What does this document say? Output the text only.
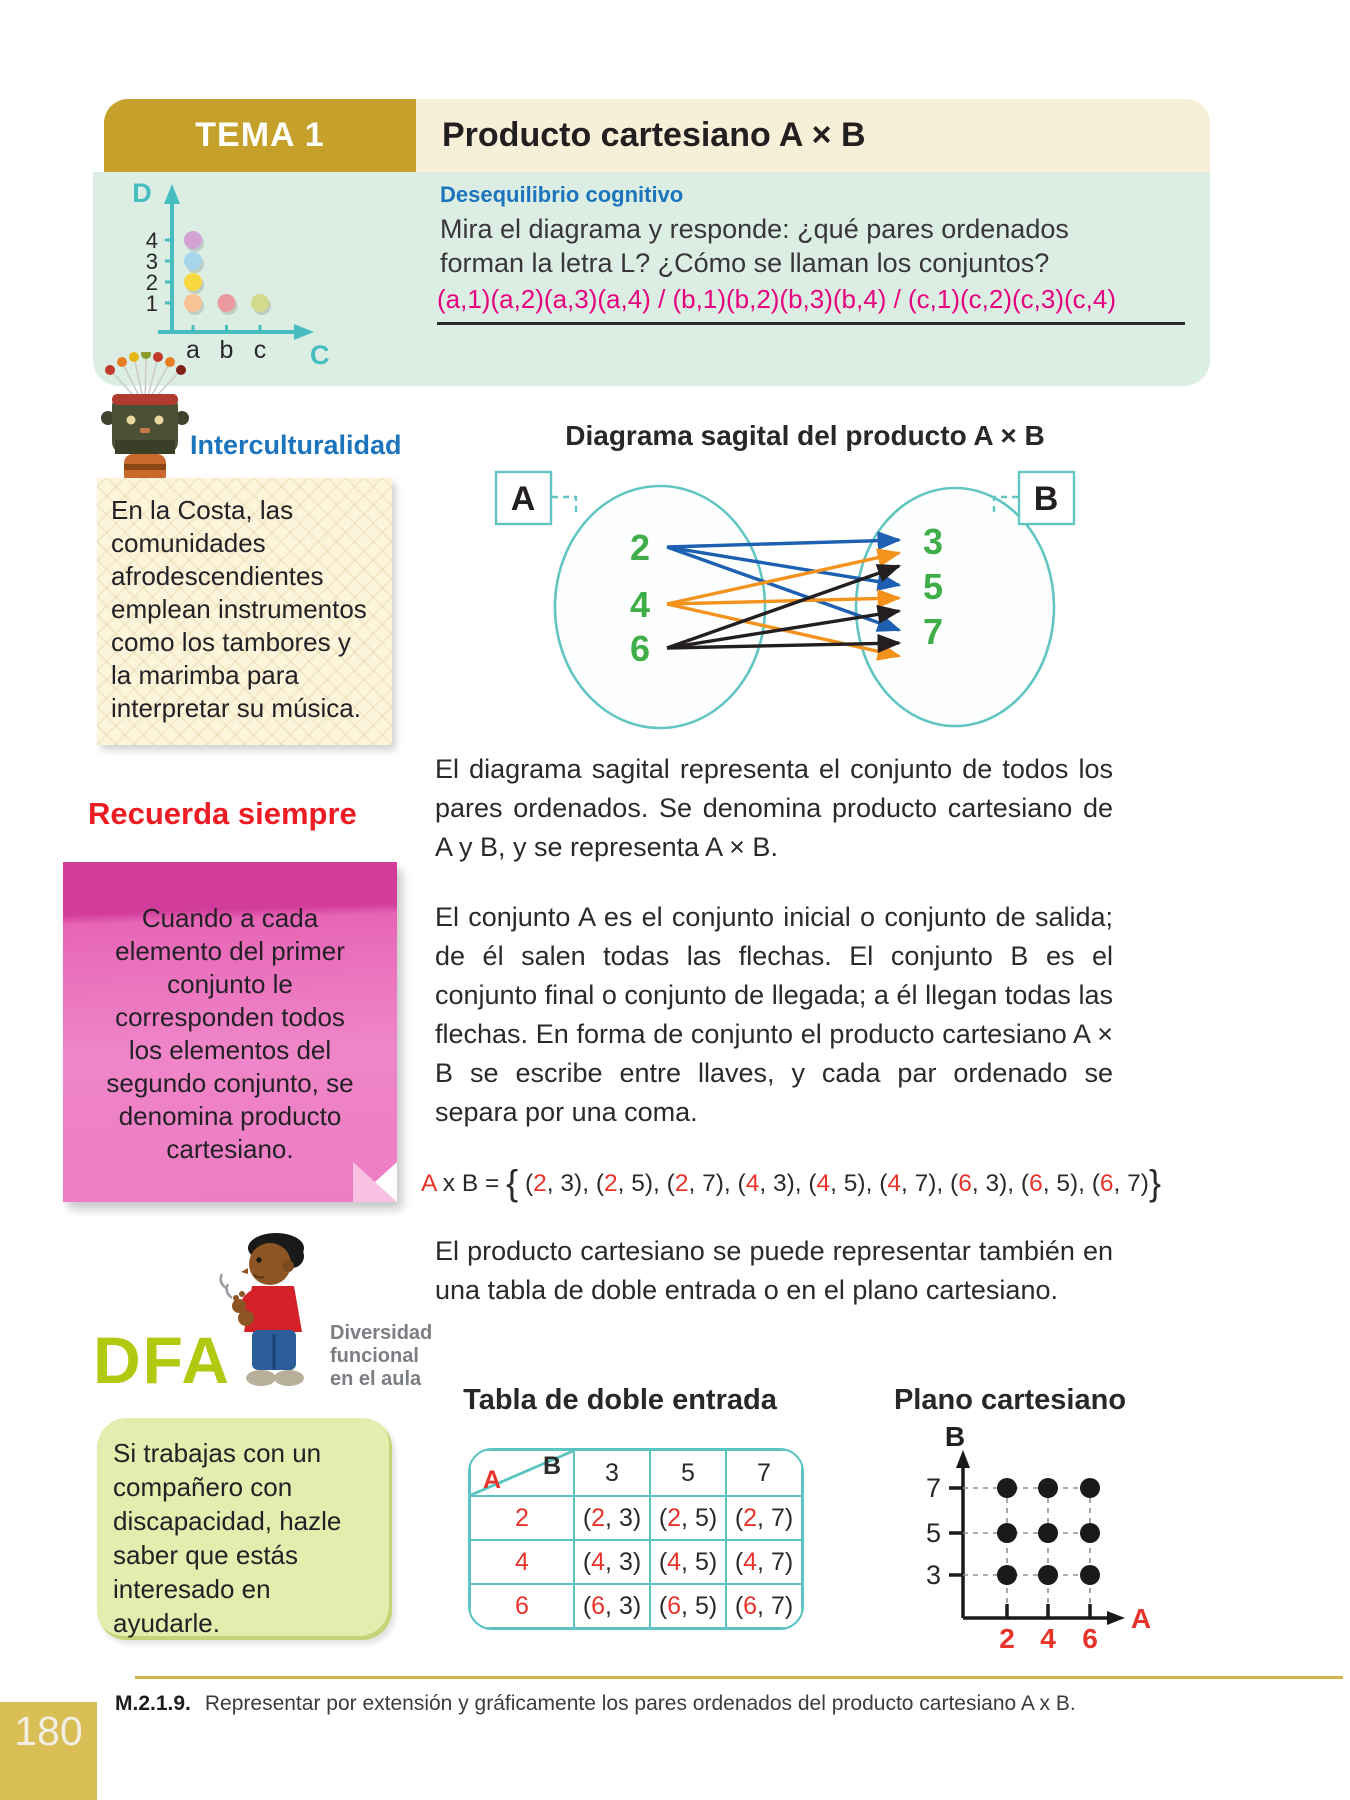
TEMA 1	Producto cartesiano A × B
D
C
4
3
2
1
a b c
Desequilibrio cognitivo
Mira el diagrama y responde: ¿qué pares ordenados forman la letra L? ¿Cómo se llaman los conjuntos?
(a,1)(a,2)(a,3)(a,4) / (b,1)(b,2)(b,3)(b,4) / (c,1)(c,2)(c,3)(c,4)
Interculturalidad
En la Costa, las comunidades afrodescendientes emplean instrumentos como los tambores y la marimba para interpretar su música.
Recuerda siempre
Cuando a cada elemento del primer conjunto le corresponden todos los elementos del segundo conjunto, se denomina producto cartesiano.
DFA	Diversidad
funcional
en el aula
Si trabajas con un compañero con discapacidad, hazle saber que estás interesado en ayudarle.
Diagrama sagital del producto A × B
A	B
2
4
6
3
5
7
El diagrama sagital representa el conjunto de todos los pares ordenados. Se denomina producto cartesiano de A y B, y se representa A × B.
El conjunto A es el conjunto inicial o conjunto de salida; de él salen todas las flechas. El conjunto B es el conjunto final o conjunto de llegada; a él llegan todas las flechas. En forma de conjunto el producto cartesiano A × B se escribe entre llaves, y cada par ordenado se separa por una coma.
A x B = { (2, 3), (2, 5), (2, 7), (4, 3), (4, 5), (4, 7), (6, 3), (6, 5), (6, 7)}
El producto cartesiano se puede representar también en una tabla de doble entrada o en el plano cartesiano.
Tabla de doble entrada	Plano cartesiano
B
A	3	5	7
2	( 2 , 3) ( 2 , 5) ( 2 , 7)
4	( 4 , 3) ( 4 , 5) ( 4 , 7)
6	( 6 , 3) ( 6 , 5) ( 6 , 7)
B
A
7
5
3
2 4 6
M.2.1.9. Representar por extensión y gráficamente los pares ordenados del producto cartesiano A x B.
180
